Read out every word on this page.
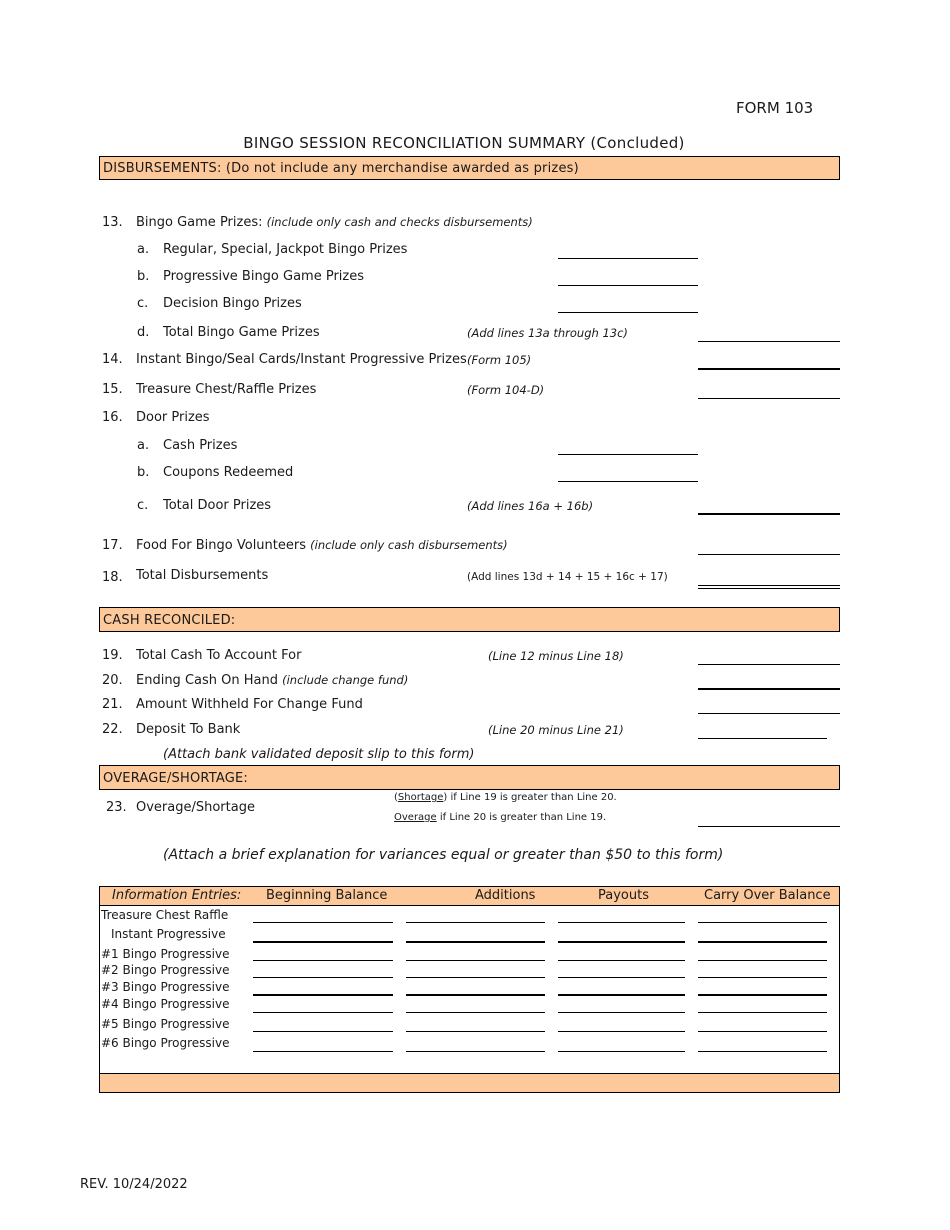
FORM 103
BINGO SESSION RECONCILIATION SUMMARY (Concluded)
DISBURSEMENTS: (Do not include any merchandise awarded as prizes)
13. Bingo Game Prizes: (include only cash and checks disbursements)
a. Regular, Special, Jackpot Bingo Prizes
b. Progressive Bingo Game Prizes
c. Decision Bingo Prizes
d. Total Bingo Game Prizes	(Add lines 13a through 13c)
14. Instant Bingo/Seal Cards/Instant Progressive Prizes (Form 105)
15. Treasure Chest/Raffle Prizes	(Form 104-D)
16. Door Prizes
a. Cash Prizes
b. Coupons Redeemed
c. Total Door Prizes	(Add lines 16a + 16b)
17. Food For Bingo Volunteers (include only cash disbursements)
18. Total Disbursements	(Add lines 13d + 14 + 15 + 16c + 17)
CASH RECONCILED:
19. Total Cash To Account For	(Line 12 minus Line 18)
20. Ending Cash On Hand (include change fund)
21. Amount Withheld For Change Fund
22. Deposit To Bank	(Line 20 minus Line 21)
(Attach bank validated deposit slip to this form)
OVERAGE/SHORTAGE:
23. Overage/Shortage
(Shortage) if Line 19 is greater than Line 20.
Overage if Line 20 is greater than Line 19.
(Attach a brief explanation for variances equal or greater than $50 to this form)
Information Entries: Beginning Balance	Additions	Payouts	Carry Over Balance
Treasure Chest Raffle
Instant Progressive
#1 Bingo Progressive
#2 Bingo Progressive
#3 Bingo Progressive
#4 Bingo Progressive
#5 Bingo Progressive
#6 Bingo Progressive
REV. 10/24/2022
